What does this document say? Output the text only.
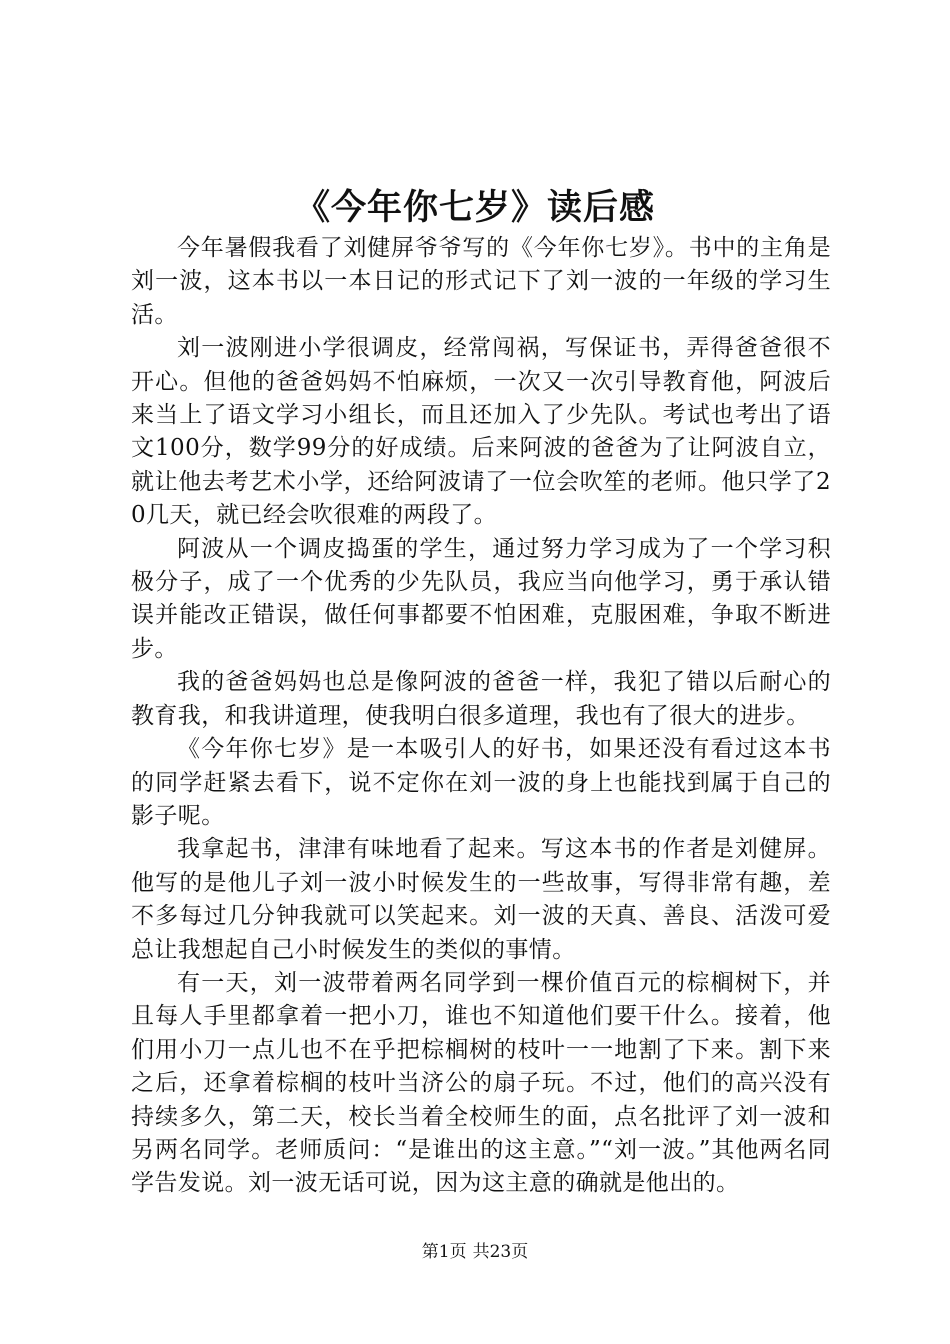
《今年你七岁》读后感

今年暑假我看了刘健屏爷爷写的《今年你七岁》。书中的主角是刘一波，这本书以一本日记的形式记下了刘一波的一年级的学习生活。

刘一波刚进小学很调皮，经常闯祸，写保证书，弄得爸爸很不开心。但他的爸爸妈妈不怕麻烦，一次又一次引导教育他，阿波后来当上了语文学习小组长，而且还加入了少先队。考试也考出了语文100分，数学99分的好成绩。后来阿波的爸爸为了让阿波自立，就让他去考艺术小学，还给阿波请了一位会吹笙的老师。他只学了20几天，就已经会吹很难的两段了。

阿波从一个调皮捣蛋的学生，通过努力学习成为了一个学习积极分子，成了一个优秀的少先队员，我应当向他学习，勇于承认错误并能改正错误，做任何事都要不怕困难，克服困难，争取不断进步。

我的爸爸妈妈也总是像阿波的爸爸一样，我犯了错以后耐心的教育我，和我讲道理，使我明白很多道理，我也有了很大的进步。

《今年你七岁》是一本吸引人的好书，如果还没有看过这本书的同学赶紧去看下，说不定你在刘一波的身上也能找到属于自己的影子呢。

我拿起书，津津有味地看了起来。写这本书的作者是刘健屏。他写的是他儿子刘一波小时候发生的一些故事，写得非常有趣，差不多每过几分钟我就可以笑起来。刘一波的天真、善良、活泼可爱总让我想起自己小时候发生的类似的事情。

有一天，刘一波带着两名同学到一棵价值百元的棕榈树下，并且每人手里都拿着一把小刀，谁也不知道他们要干什么。接着，他们用小刀一点儿也不在乎把棕榈树的枝叶一一地割了下来。割下来之后，还拿着棕榈的枝叶当济公的扇子玩。不过，他们的高兴没有持续多久，第二天，校长当着全校师生的面，点名批评了刘一波和另两名同学。老师质问：“是谁出的这主意。”“刘一波。”其他两名同学告发说。刘一波无话可说，因为这主意的确就是他出的。

第1页 共23页
